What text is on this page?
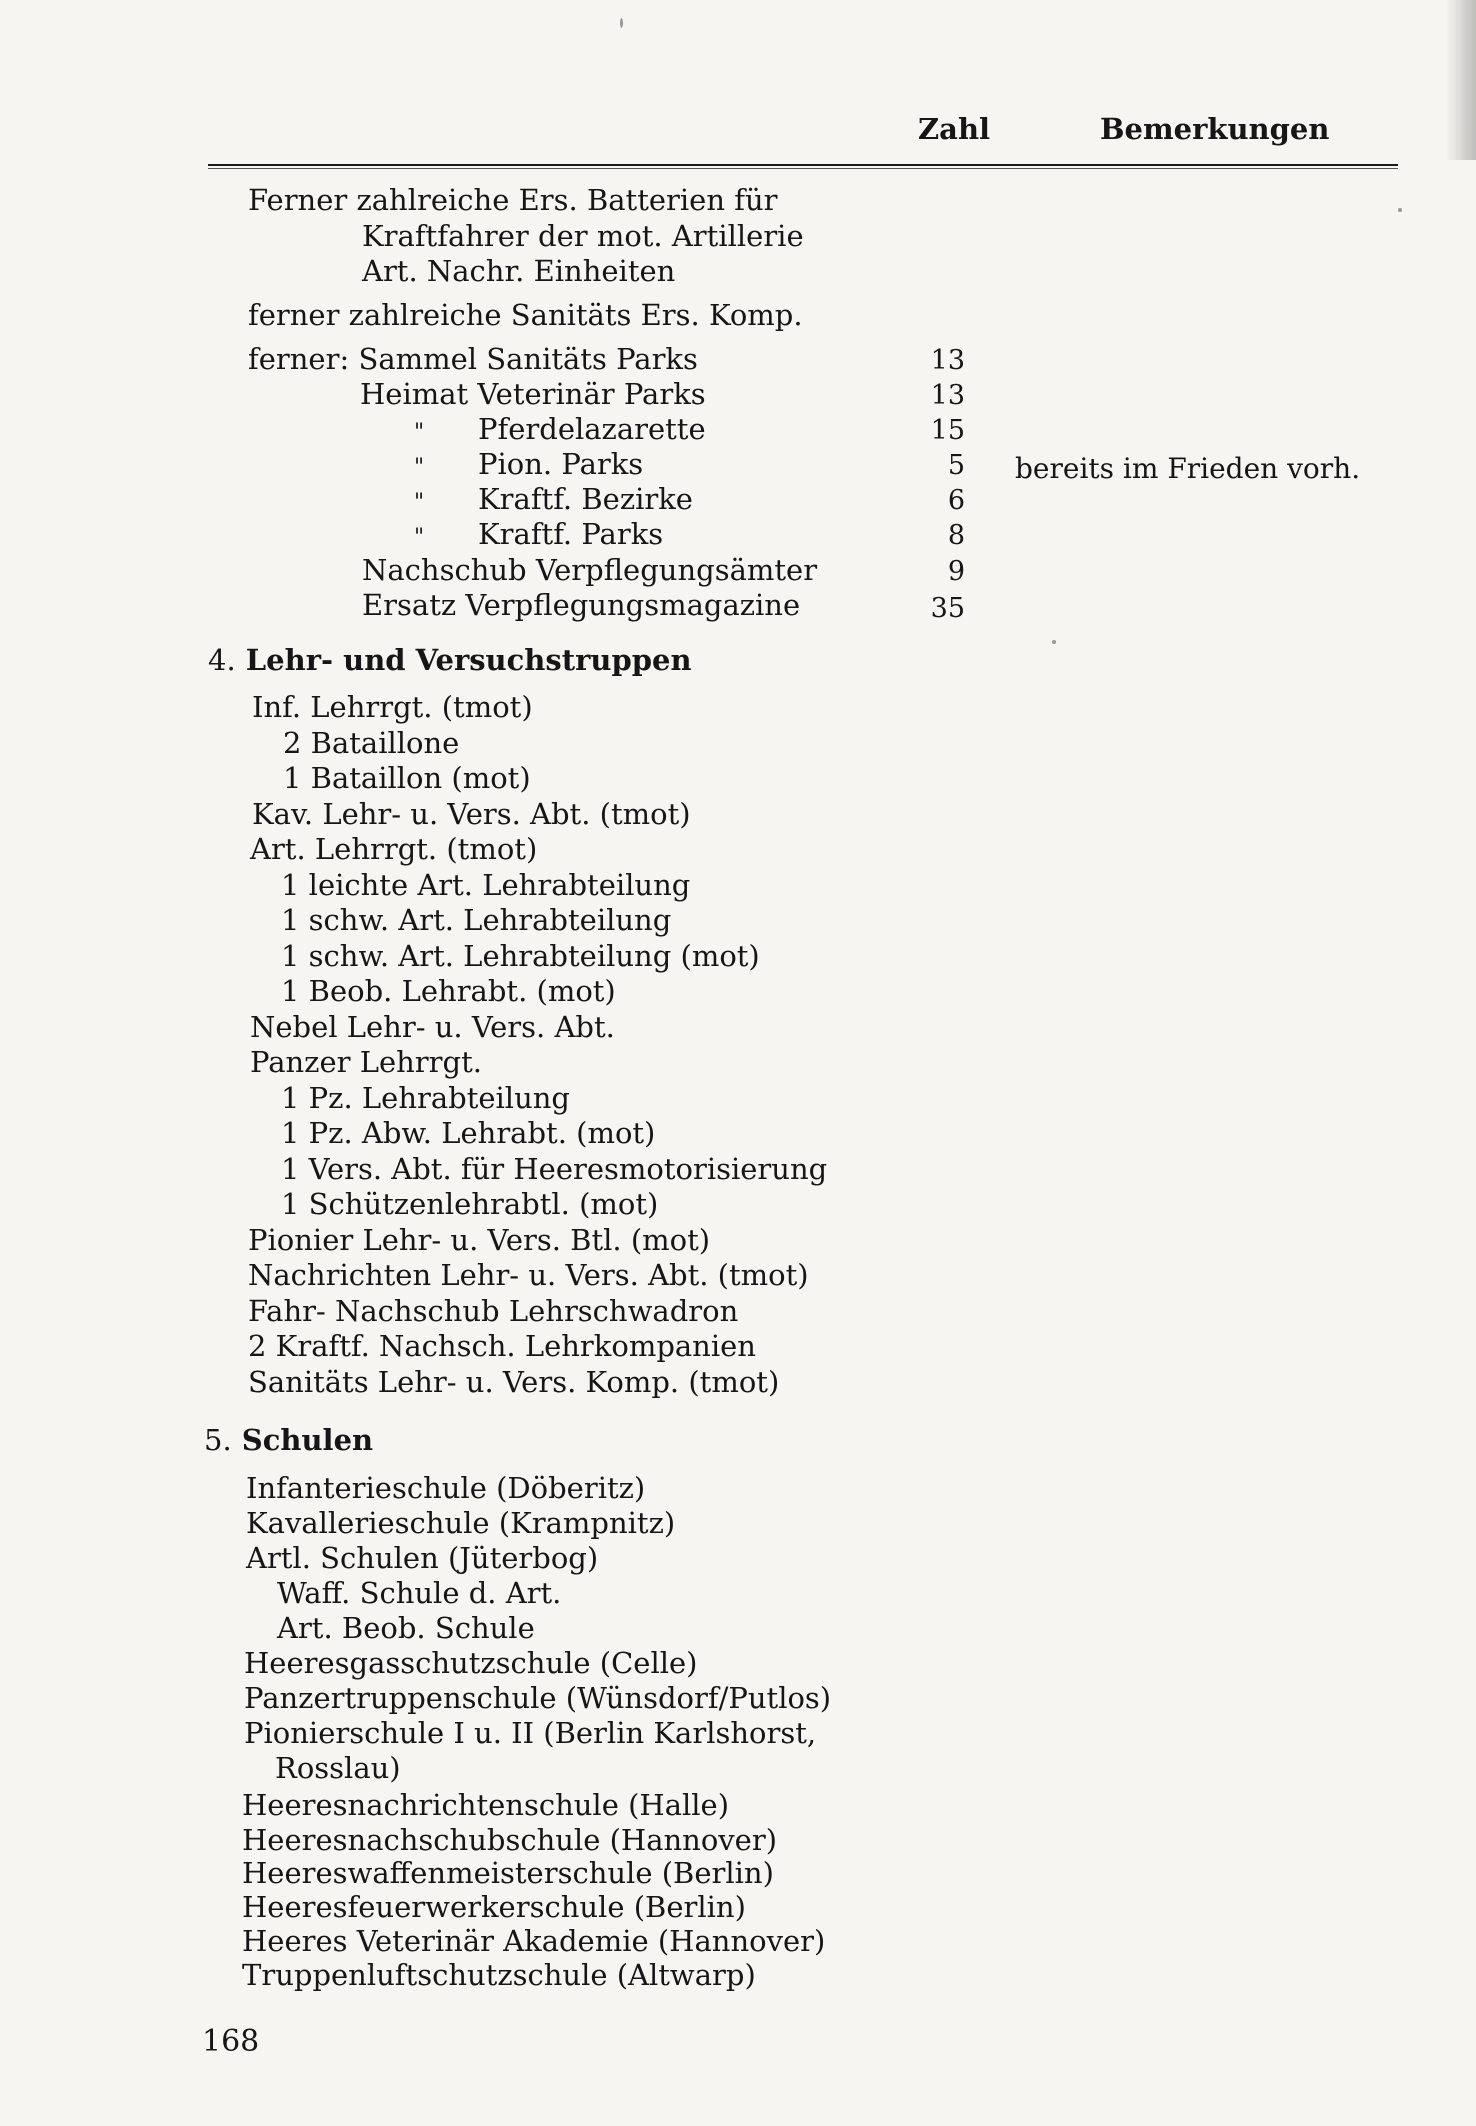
Zahl	Bemerkungen
Ferner zahlreiche Ers. Batterien für
Kraftfahrer der mot. Artillerie
Art. Nachr. Einheiten
ferner zahlreiche Sanitäts Ers. Komp.
ferner: Sammel Sanitäts Parks	13
Heimat Veterinär Parks	13
" Pferdelazarette	15
" Pion. Parks	5 bereits im Frieden vorh.
" Kraftf. Bezirke	6
" Kraftf. Parks	8
Nachschub Verpflegungsämter	9
Ersatz Verpflegungsmagazine	35
4. Lehr- und Versuchstruppen
Inf. Lehrrgt. (tmot)
2 Bataillone
1 Bataillon (mot)
Kav. Lehr- u. Vers. Abt. (tmot)
Art. Lehrrgt. (tmot)
1 leichte Art. Lehrabteilung
1 schw. Art. Lehrabteilung
1 schw. Art. Lehrabteilung (mot)
1 Beob. Lehrabt. (mot)
Nebel Lehr- u. Vers. Abt.
Panzer Lehrrgt.
1 Pz. Lehrabteilung
1 Pz. Abw. Lehrabt. (mot)
1 Vers. Abt. für Heeresmotorisierung
1 Schützenlehrabtl. (mot)
Pionier Lehr- u. Vers. Btl. (mot)
Nachrichten Lehr- u. Vers. Abt. (tmot)
Fahr- Nachschub Lehrschwadron
2 Kraftf. Nachsch. Lehrkompanien
Sanitäts Lehr- u. Vers. Komp. (tmot)
5. Schulen
Infanterieschule (Döberitz)
Kavallerieschule (Krampnitz)
Artl. Schulen (Jüterbog)
Waff. Schule d. Art.
Art. Beob. Schule
Heeresgasschutzschule (Celle)
Panzertruppenschule (Wünsdorf/Putlos)
Pionierschule I u. II (Berlin Karlshorst,
Rosslau)
Heeresnachrichtenschule (Halle)
Heeresnachschubschule (Hannover)
Heereswaffenmeisterschule (Berlin)
Heeresfeuerwerkerschule (Berlin)
Heeres Veterinär Akademie (Hannover)
Truppenluftschutzschule (Altwarp)
168
